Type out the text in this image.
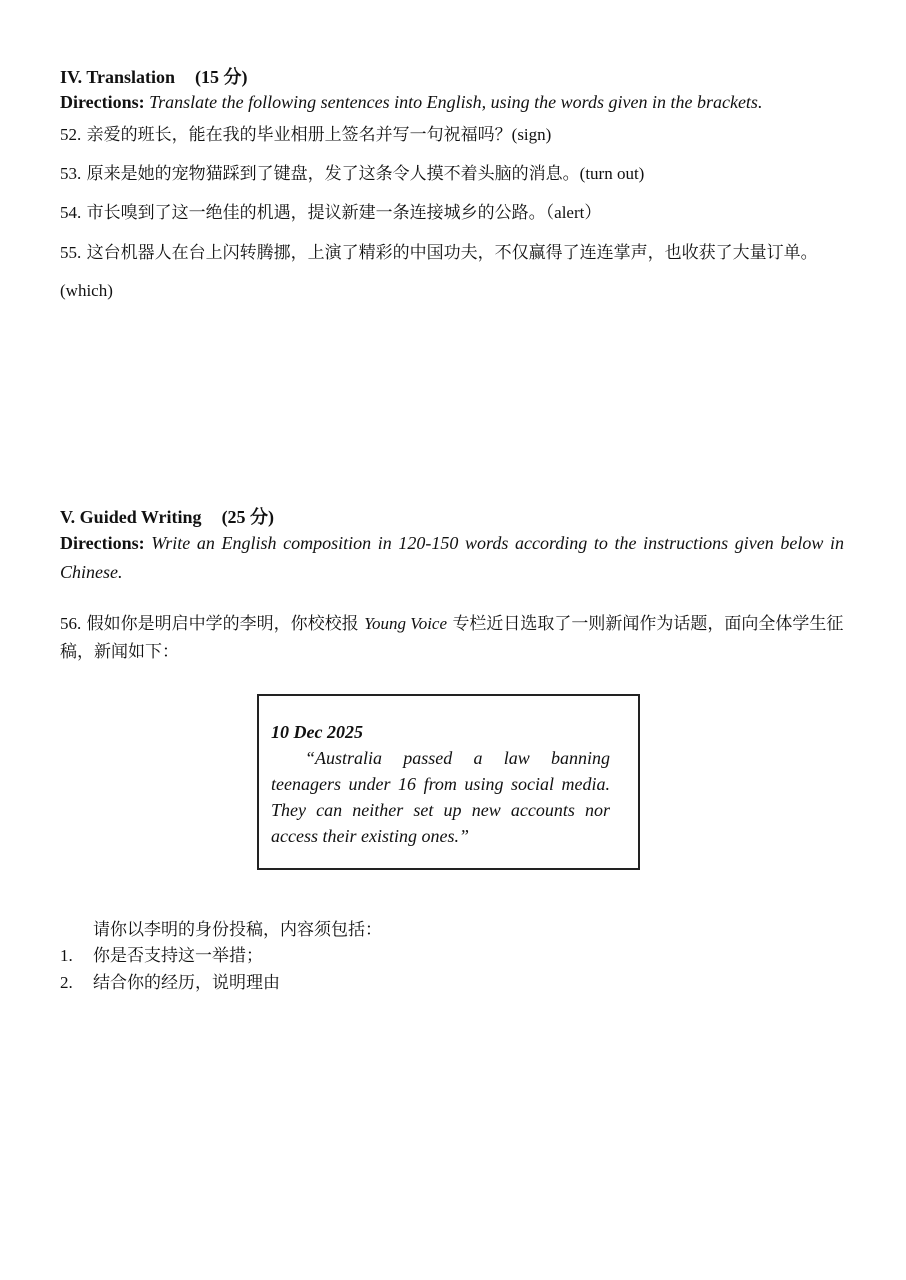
IV. Translation (15 分)
Directions: Translate the following sentences into English, using the words given in the brackets.
52. 亲爱的班长，能在我的毕业相册上签名并写一句祝福吗？(sign)
53. 原来是她的宠物猫踩到了键盘，发了这条令人摸不着头脑的消息。(turn out)
54. 市长嗅到了这一绝佳的机遇，提议新建一条连接城乡的公路。（alert）
55. 这台机器人在台上闪转腾挪，上演了精彩的中国功夫，不仅赢得了连连掌声，也收获了大量订单。(which)
V. Guided Writing (25 分)
Directions: Write an English composition in 120-150 words according to the instructions given below in Chinese.
56. 假如你是明启中学的李明，你校校报 Young Voice 专栏近日选取了一则新闻作为话题，面向全体学生征稿，新闻如下：
10 Dec 2025
“Australia passed a law banning teenagers under 16 from using social media. They can neither set up new accounts nor access their existing ones.”
请你以李明的身份投稿，内容须包括：
1. 你是否支持这一举措；
2. 结合你的经历，说明理由
